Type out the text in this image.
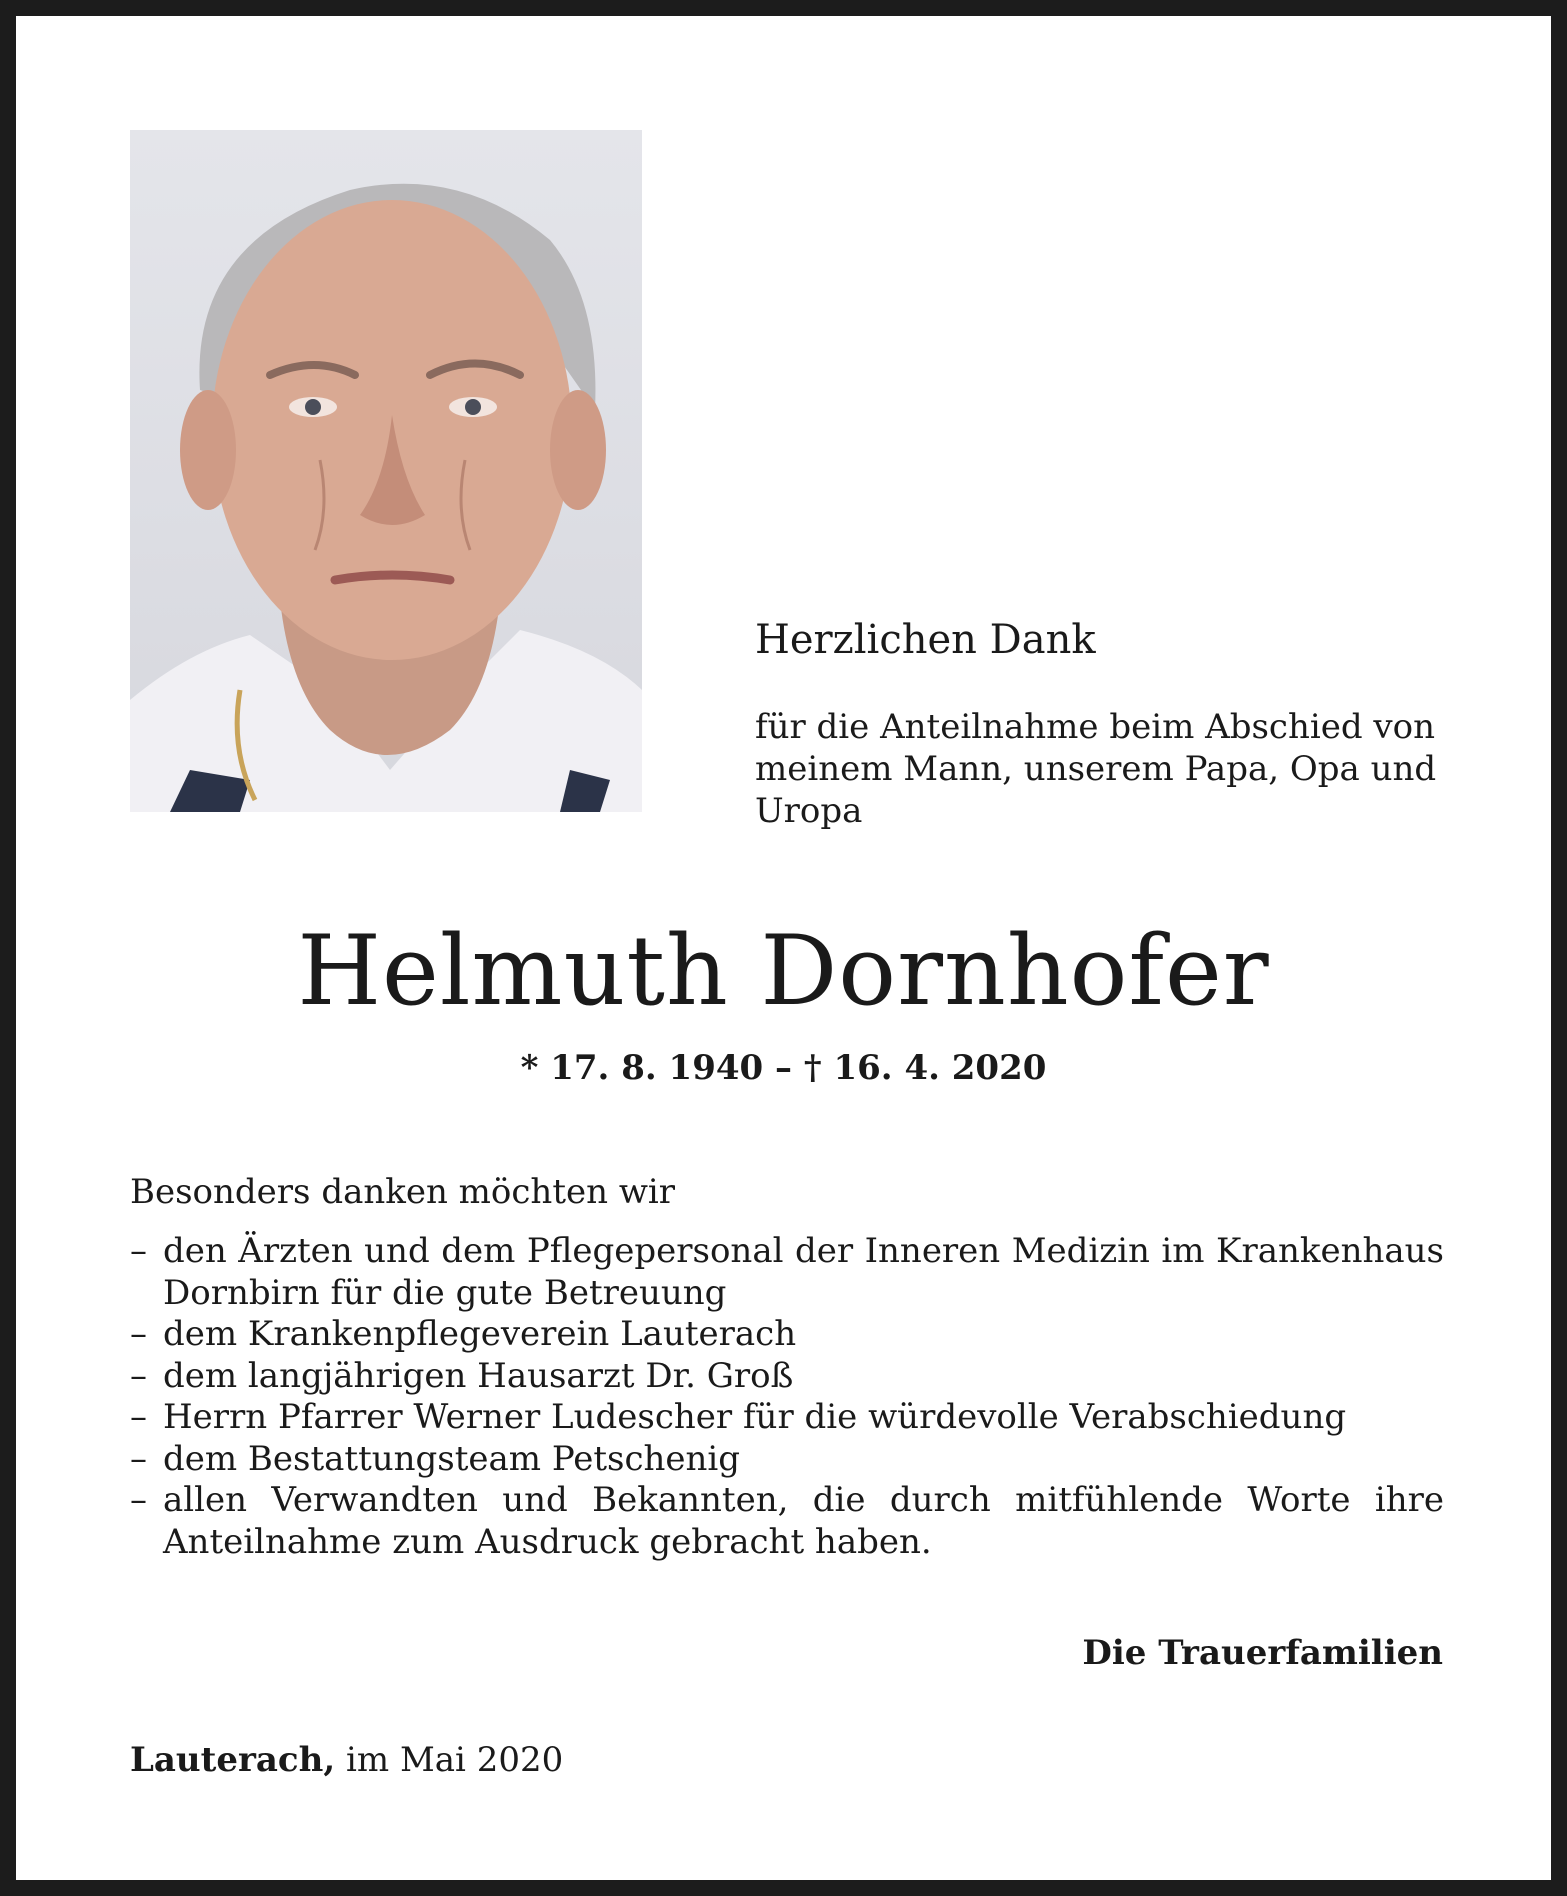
Herzlichen Dank
für die Anteilnahme beim Abschied von meinem Mann, unserem Papa, Opa und Uropa
Helmuth Dornhofer
* 17. 8. 1940 – † 16. 4. 2020
Besonders danken möchten wir
– den Ärzten und dem Pflegepersonal der Inneren Medizin im Krankenhaus Dornbirn für die gute Betreuung
– dem Krankenpflegeverein Lauterach
– dem langjährigen Hausarzt Dr. Groß
– Herrn Pfarrer Werner Ludescher für die würdevolle Verabschiedung
– dem Bestattungsteam Petschenig
– allen Verwandten und Bekannten, die durch mitfühlende Worte ihre Anteilnahme zum Ausdruck gebracht haben.
Die Trauerfamilien
Lauterach, im Mai 2020
